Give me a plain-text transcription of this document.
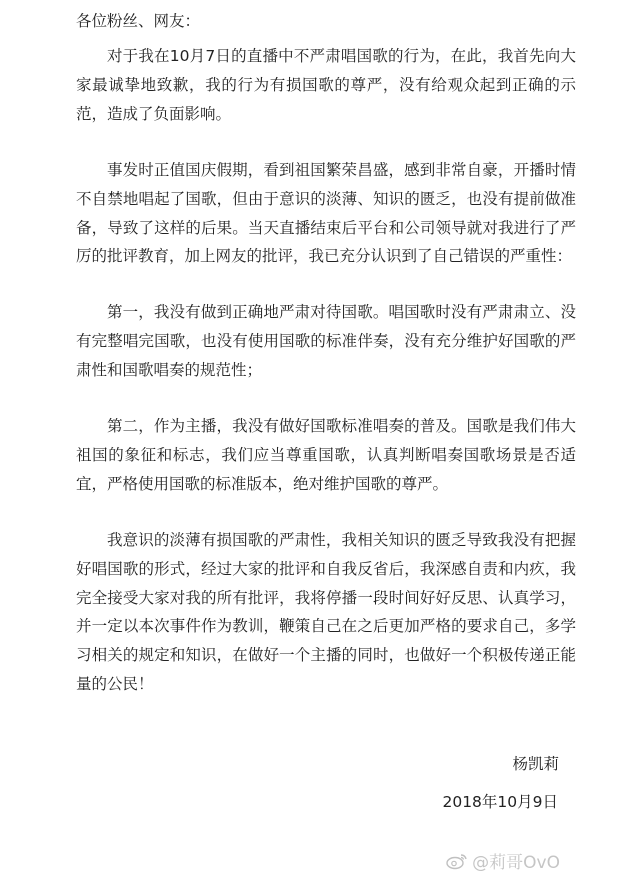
各位粉丝、网友：

对于我在10月7日的直播中不严肃唱国歌的行为，在此，我首先向大家最诚挚地致歉，我的行为有损国歌的尊严，没有给观众起到正确的示范，造成了负面影响。

事发时正值国庆假期，看到祖国繁荣昌盛，感到非常自豪，开播时情不自禁地唱起了国歌，但由于意识的淡薄、知识的匮乏，也没有提前做准备，导致了这样的后果。当天直播结束后平台和公司领导就对我进行了严厉的批评教育，加上网友的批评，我已充分认识到了自己错误的严重性：

第一，我没有做到正确地严肃对待国歌。唱国歌时没有严肃肃立、没有完整唱完国歌，也没有使用国歌的标准伴奏，没有充分维护好国歌的严肃性和国歌唱奏的规范性；

第二，作为主播，我没有做好国歌标准唱奏的普及。国歌是我们伟大祖国的象征和标志，我们应当尊重国歌，认真判断唱奏国歌场景是否适宜，严格使用国歌的标准版本，绝对维护国歌的尊严。

我意识的淡薄有损国歌的严肃性，我相关知识的匮乏导致我没有把握好唱国歌的形式，经过大家的批评和自我反省后，我深感自责和内疚，我完全接受大家对我的所有批评，我将停播一段时间好好反思、认真学习，并一定以本次事件作为教训，鞭策自己在之后更加严格的要求自己，多学习相关的规定和知识，在做好一个主播的同时，也做好一个积极传递正能量的公民！

杨凯莉
2018年10月9日
@莉哥OvO
